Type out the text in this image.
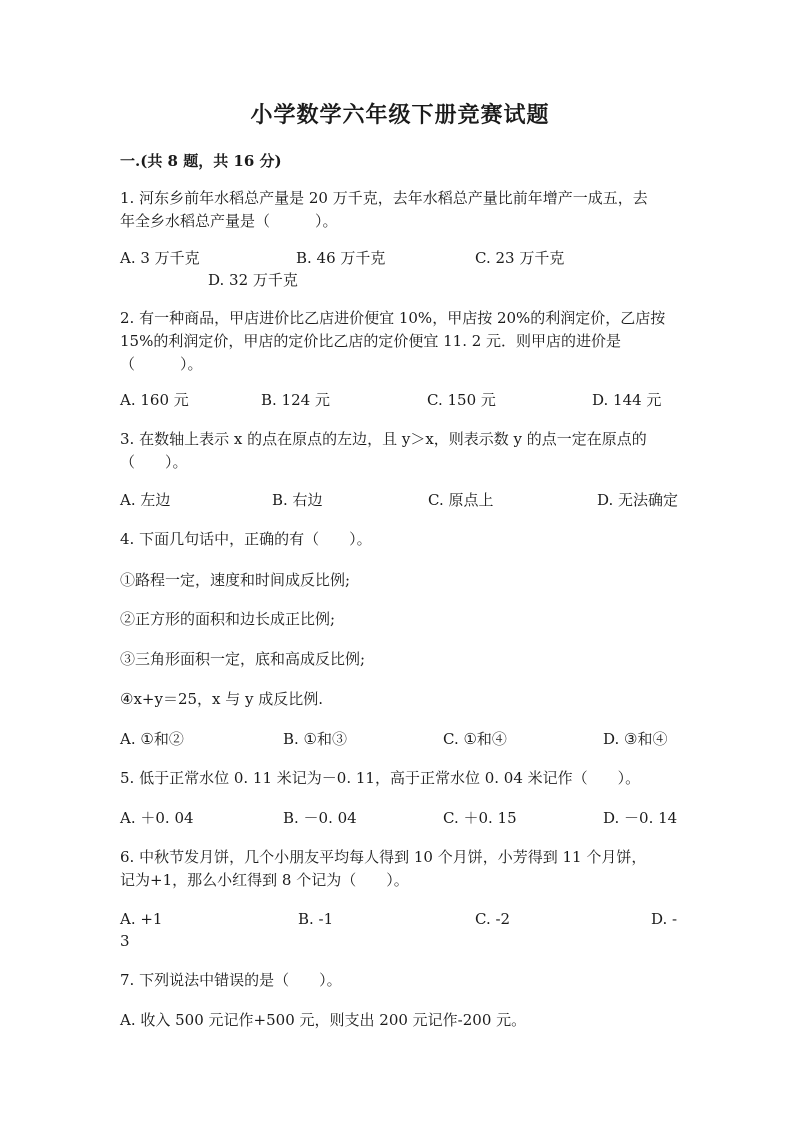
小学数学六年级下册竞赛试题
一.(共 8 题，共 16 分)
1. 河东乡前年水稻总产量是 20 万千克，去年水稻总产量比前年增产一成五，去
年全乡水稻总产量是（　　　）。
A. 3 万千克	B. 46 万千克	C. 23 万千克
D. 32 万千克
2. 有一种商品，甲店进价比乙店进价便宜 10%，甲店按 20%的利润定价，乙店按
15%的利润定价，甲店的定价比乙店的定价便宜 11. 2 元．则甲店的进价是
（　　　）。
A. 160 元	B. 124 元	C. 150 元	D. 144 元
3. 在数轴上表示 x 的点在原点的左边，且 y＞x，则表示数 y 的点一定在原点的
（　　）。
A. 左边	B. 右边	C. 原点上	D. 无法确定
4. 下面几句话中，正确的有（　　）。
①路程一定，速度和时间成反比例;
②正方形的面积和边长成正比例;
③三角形面积一定，底和高成反比例;
④x+y＝25，x 与 y 成反比例.
A. ①和②	B. ①和③	C. ①和④	D. ③和④
5. 低于正常水位 0. 11 米记为－0. 11，高于正常水位 0. 04 米记作（　　）。
A. ＋0. 04	B. －0. 04	C. ＋0. 15	D. －0. 14
6. 中秋节发月饼，几个小朋友平均每人得到 10 个月饼，小芳得到 11 个月饼，
记为+1，那么小红得到 8 个记为（　　）。
A. +1	B. -1	C. -2	D. -
3
7. 下列说法中错误的是（　　）。
A. 收入 500 元记作+500 元，则支出 200 元记作-200 元。
